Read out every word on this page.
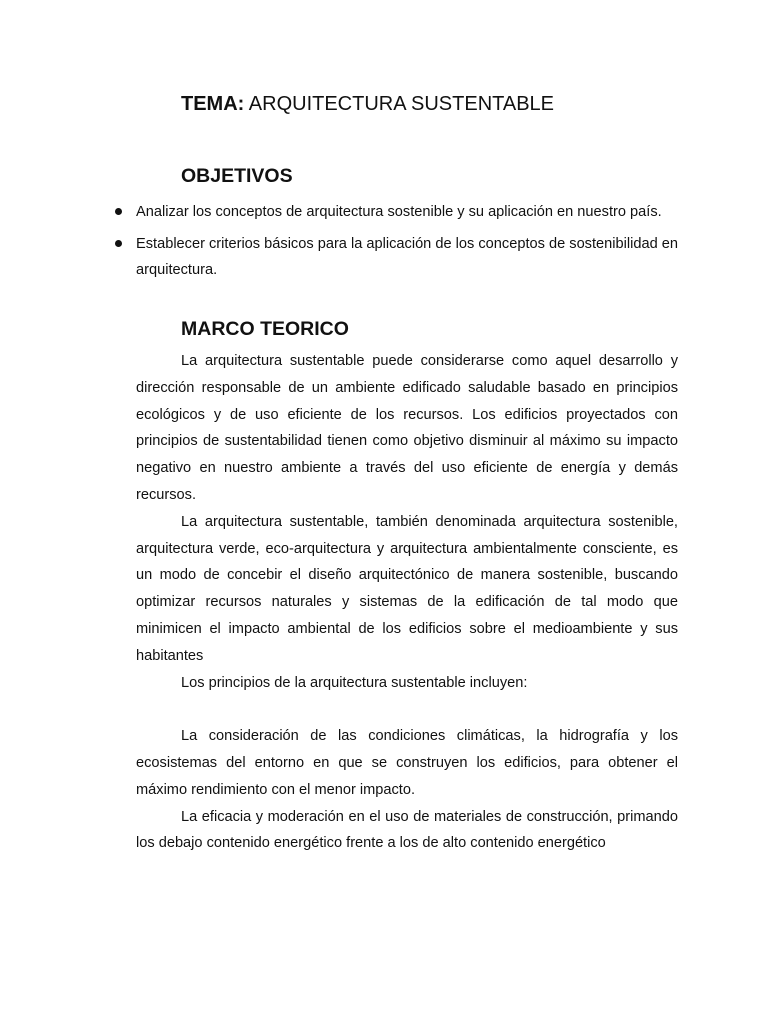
TEMA: ARQUITECTURA SUSTENTABLE
OBJETIVOS
Analizar los conceptos de arquitectura sostenible y su aplicación en nuestro país.
Establecer criterios básicos para la aplicación de los conceptos de sostenibilidad en arquitectura.
MARCO TEORICO

La arquitectura sustentable puede considerarse como aquel desarrollo y dirección responsable de un ambiente edificado saludable basado en principios ecológicos y de uso eficiente de los recursos. Los edificios proyectados con principios de sustentabilidad tienen como objetivo disminuir al máximo su impacto negativo en nuestro ambiente a través del uso eficiente de energía y demás recursos.

La arquitectura sustentable, también denominada arquitectura sostenible, arquitectura verde, eco-arquitectura y arquitectura ambientalmente consciente, es un modo de concebir el diseño arquitectónico de manera sostenible, buscando optimizar recursos naturales y sistemas de la edificación de tal modo que minimicen el impacto ambiental de los edificios sobre el medioambiente y sus habitantes

Los principios de la arquitectura sustentable incluyen:

La consideración de las condiciones climáticas, la hidrografía y los ecosistemas del entorno en que se construyen los edificios, para obtener el máximo rendimiento con el menor impacto.

La eficacia y moderación en el uso de materiales de construcción, primando los debajo contenido energético frente a los de alto contenido energético
